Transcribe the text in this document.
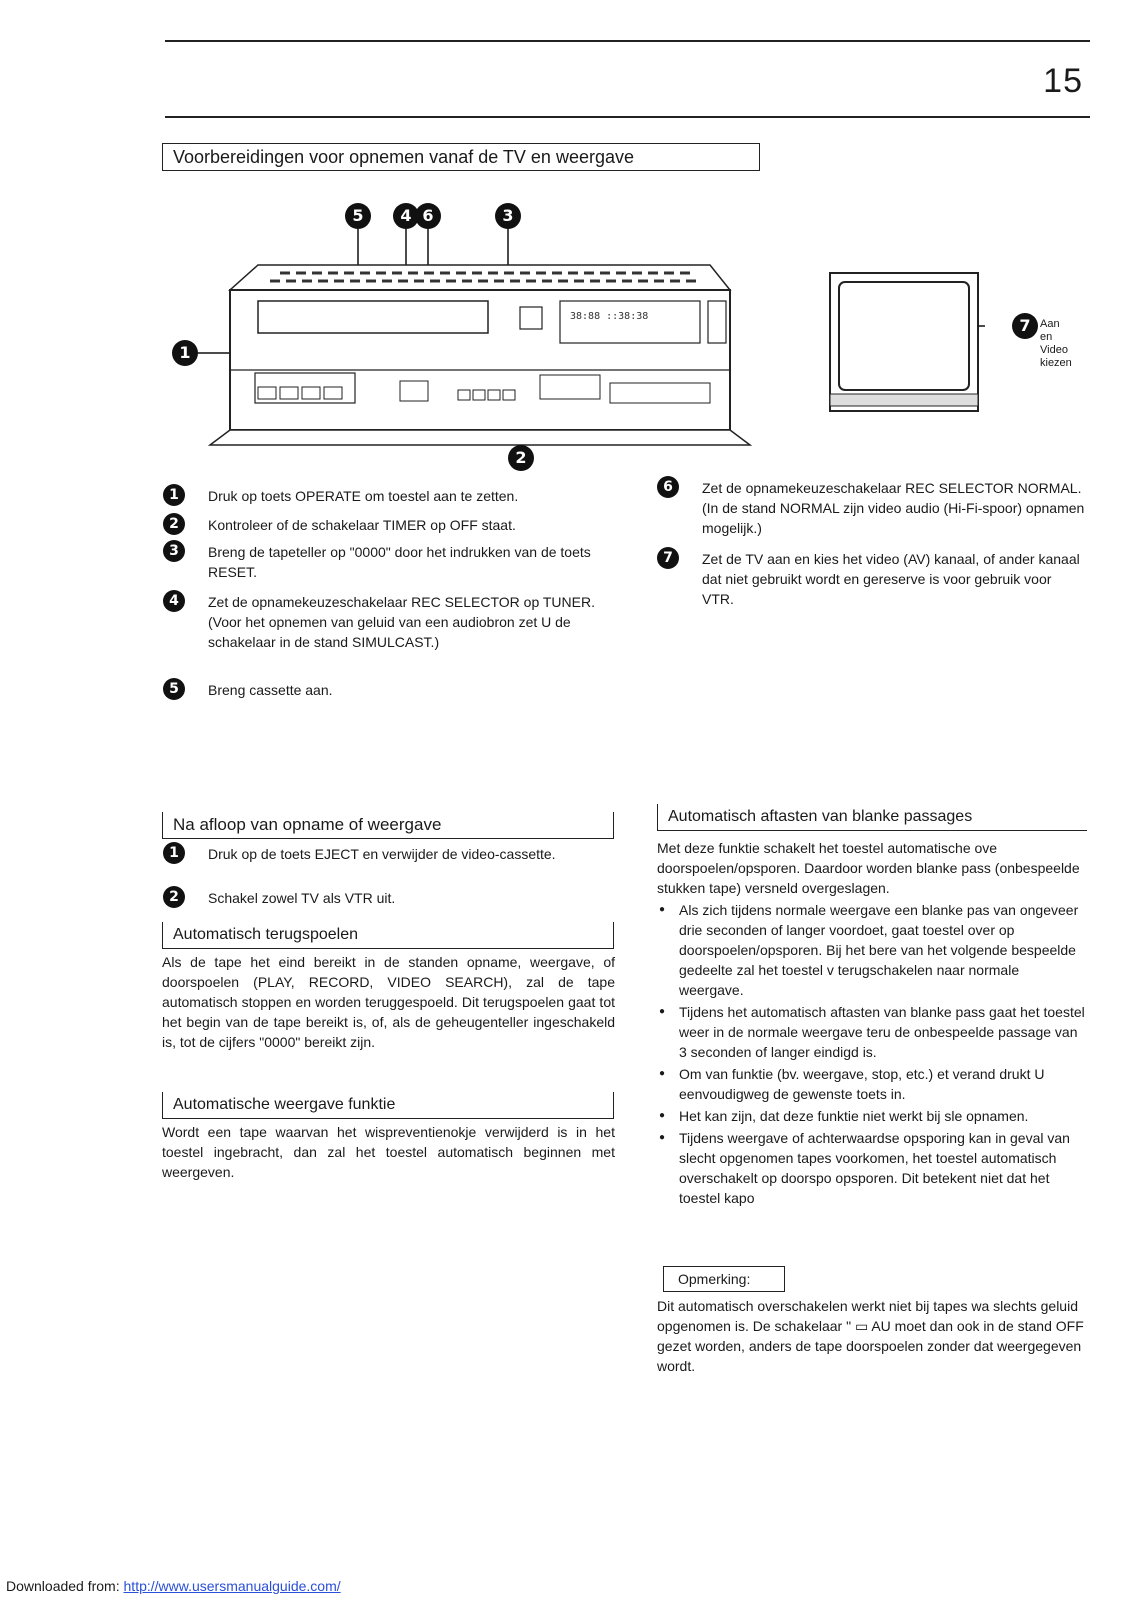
15
Voorbereidingen voor opnemen vanaf de TV en weergave
38:88 ::38:38
5	4 6	3
1
2
7 Aan
en
Video
kiezen
1	Druk op toets OPERATE om toestel aan te zetten.
2	Kontroleer of de schakelaar TIMER op OFF staat.
3	Breng de tapeteller op "0000" door het indrukken van de toets RESET.
4	Zet de opnamekeuzeschakelaar REC SELECTOR op TUNER. (Voor het opnemen van geluid van een audiobron zet U de schakelaar in de stand SIMULCAST.)
5	Breng cassette aan.
6	Zet de opnamekeuzeschakelaar REC SELECTOR NORMAL. (In de stand NORMAL zijn video audio (Hi-Fi-spoor) opnamen mogelijk.)
7	Zet de TV aan en kies het video (AV) kanaal, of ander kanaal dat niet gebruikt wordt en gereserve is voor gebruik voor VTR.
Na afloop van opname of weergave
1	Druk op de toets EJECT en verwijder de video-cassette.
2	Schakel zowel TV als VTR uit.
Automatisch terugspoelen
Als de tape het eind bereikt in de standen opname, weergave, of doorspoelen (PLAY, RECORD, VIDEO SEARCH), zal de tape automatisch stoppen en worden teruggespoeld. Dit terugspoelen gaat tot het begin van de tape bereikt is, of, als de geheugenteller ingeschakeld is, tot de cijfers "0000" bereikt zijn.
Automatische weergave funktie
Wordt een tape waarvan het wispreventienokje verwijderd is in het toestel ingebracht, dan zal het toestel automatisch beginnen met weergeven.
Automatisch aftasten van blanke passages
Met deze funktie schakelt het toestel automatische ove doorspoelen/opsporen. Daardoor worden blanke pass (onbespeelde stukken tape) versneld overgeslagen.
● Als zich tijdens normale weergave een blanke pas van ongeveer drie seconden of langer voordoet, gaat toestel over op doorspoelen/opsporen. Bij het bere van het volgende bespeelde gedeelte zal het toestel v terugschakelen naar normale weergave.
● Tijdens het automatisch aftasten van blanke pass gaat het toestel weer in de normale weergave teru de onbespeelde passage van 3 seconden of langer eindigd is.
● Om van funktie (bv. weergave, stop, etc.) et verand drukt U eenvoudigweg de gewenste toets in.
● Het kan zijn, dat deze funktie niet werkt bij sle opnamen.
● Tijdens weergave of achterwaardse opsporing kan in geval van slecht opgenomen tapes voorkomen, het toestel automatisch overschakelt op doorspo opsporen. Dit betekent niet dat het toestel kapo
Opmerking:
Dit automatisch overschakelen werkt niet bij tapes wa slechts geluid opgenomen is. De schakelaar " ▭ AU moet dan ook in de stand OFF gezet worden, anders de tape doorspoelen zonder dat weergegeven wordt.
Downloaded from: http://www.usersmanualguide.com/
